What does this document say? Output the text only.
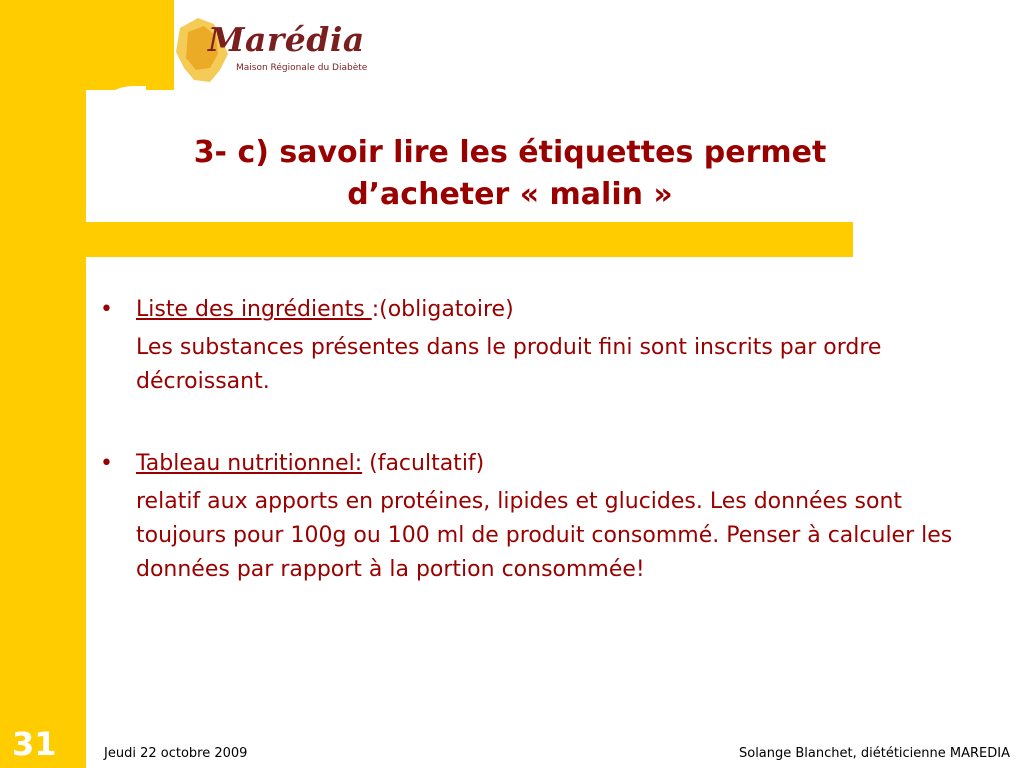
Marédia
Maison Régionale du Diabète
3- c) savoir lire les étiquettes permet
d’acheter « malin »
• Liste des ingrédients :(obligatoire)

Les substances présentes dans le produit fini sont inscrits par ordre décroissant.

• Tableau nutritionnel: (facultatif)

relatif aux apports en protéines, lipides et glucides. Les données sont toujours pour 100g ou 100 ml de produit consommé. Penser à calculer les données par rapport à la portion consommée!

31	Jeudi 22 octobre 2009	Solange Blanchet, diététicienne MAREDIA
